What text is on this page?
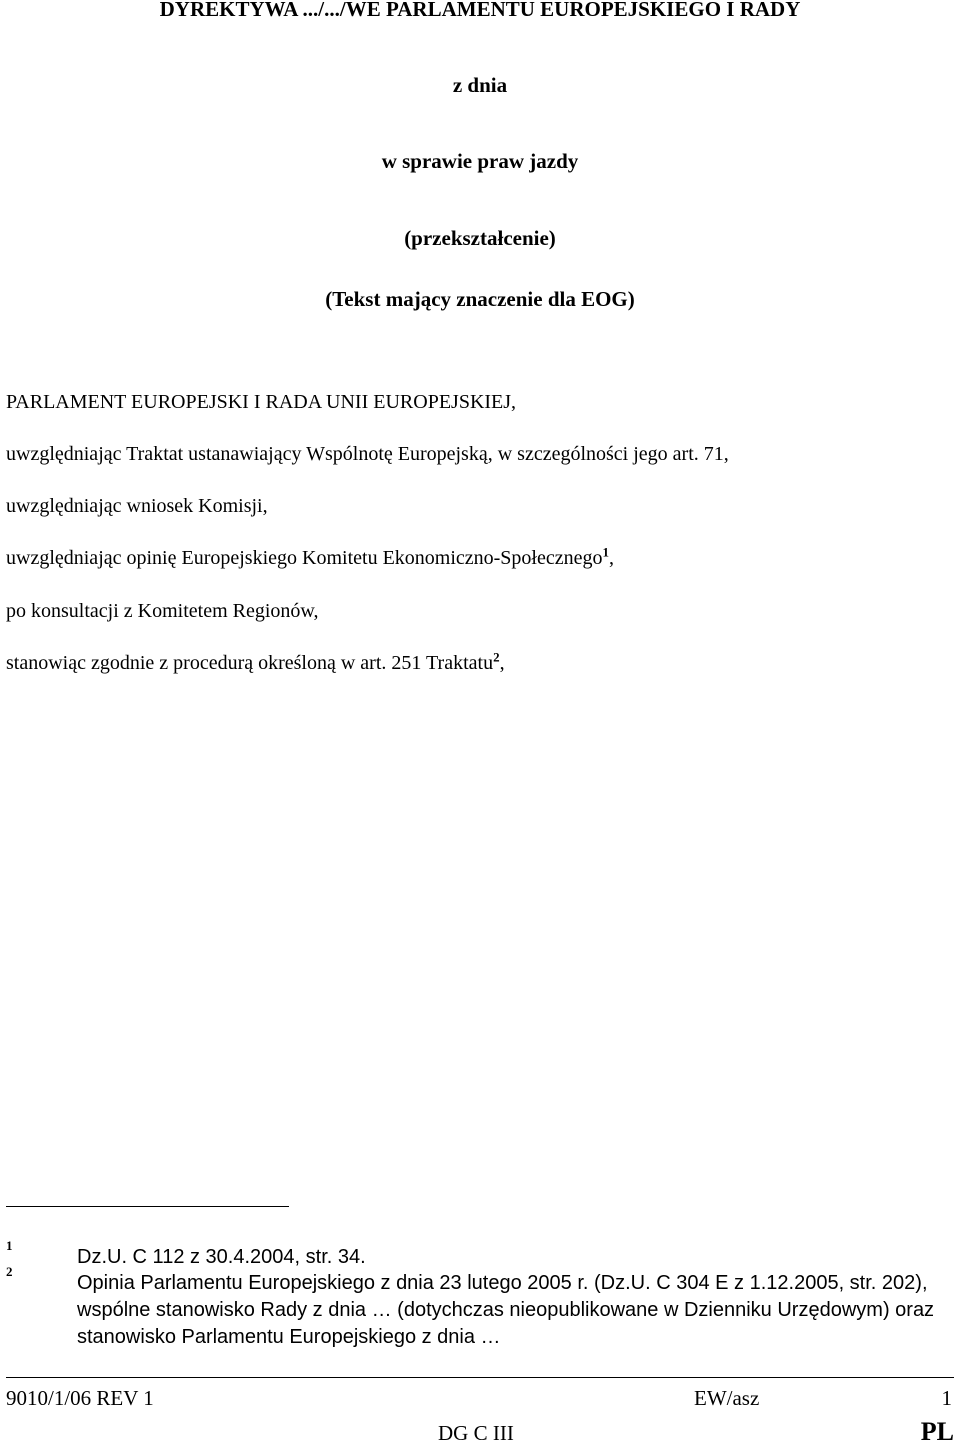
DYREKTYWA .../.../WE PARLAMENTU EUROPEJSKIEGO I RADY
z dnia
w sprawie praw jazdy
(przekształcenie)
(Tekst mający znaczenie dla EOG)
PARLAMENT EUROPEJSKI I RADA UNII EUROPEJSKIEJ,
uwzględniając Traktat ustanawiający Wspólnotę Europejską, w szczególności jego art. 71,
uwzględniając wniosek Komisji,
uwzględniając opinię Europejskiego Komitetu Ekonomiczno-Społecznego$^1$,
po konsultacji z Komitetem Regionów,
stanowiąc zgodnie z procedurą określoną w art. 251 Traktatu$^2$,
1
Dz.U. C 112 z 30.4.2004, str. 34.
2
Opinia Parlamentu Europejskiego z dnia 23 lutego 2005 r. (Dz.U. C 304 E z 1.12.2005, str. 202), wspólne stanowisko Rady z dnia … (dotychczas nieopublikowane w Dzienniku Urzędowym) oraz stanowisko Parlamentu Europejskiego z dnia …
9010/1/06 REV 1	EW/asz	1
DG C III	PL
